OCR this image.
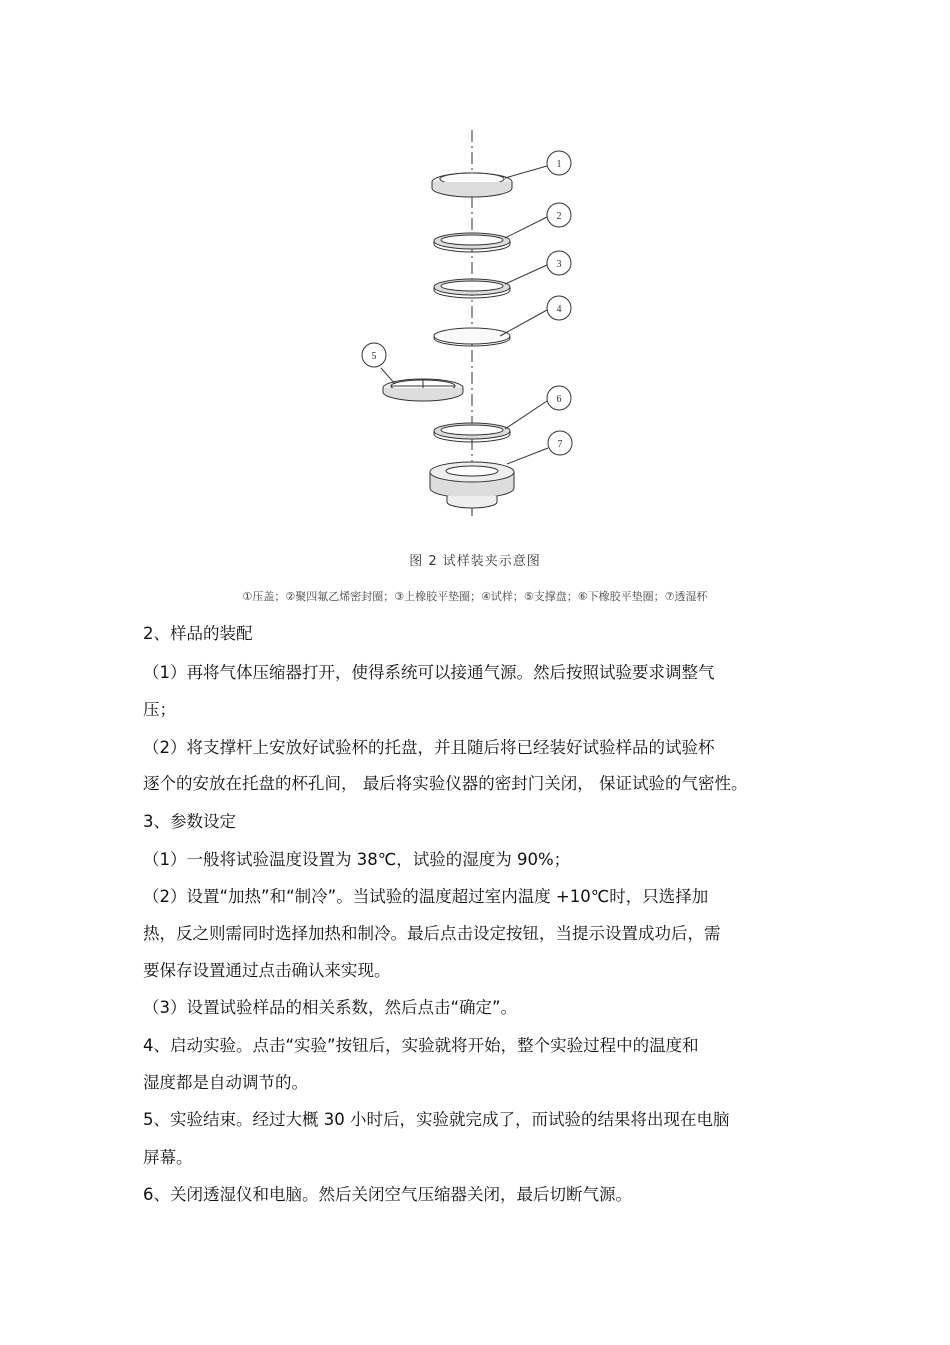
1
2
3
4
5
6
7
图 2 试样装夹示意图
①压盖；②聚四氟乙烯密封圈；③上橡胶平垫圈；④试样；⑤支撑盘；⑥下橡胶平垫圈；⑦透湿杯
2、样品的装配
（1）再将气体压缩器打开，使得系统可以接通气源。然后按照试验要求调整气
压；
（2）将支撑杆上安放好试验杯的托盘，并且随后将已经装好试验样品的试验杯
逐个的安放在托盘的杯孔间， 最后将实验仪器的密封门关闭， 保证试验的气密性。
3、参数设定
（1）一般将试验温度设置为 38℃，试验的湿度为 90%；
（2）设置“加热”和“制冷”。当试验的温度超过室内温度 +10℃时，只选择加
热，反之则需同时选择加热和制冷。最后点击设定按钮，当提示设置成功后，需
要保存设置通过点击确认来实现。
（3）设置试验样品的相关系数，然后点击“确定”。
4、启动实验。点击“实验”按钮后，实验就将开始，整个实验过程中的温度和
湿度都是自动调节的。
5、实验结束。经过大概 30 小时后，实验就完成了，而试验的结果将出现在电脑
屏幕。
6、关闭透湿仪和电脑。然后关闭空气压缩器关闭，最后切断气源。
